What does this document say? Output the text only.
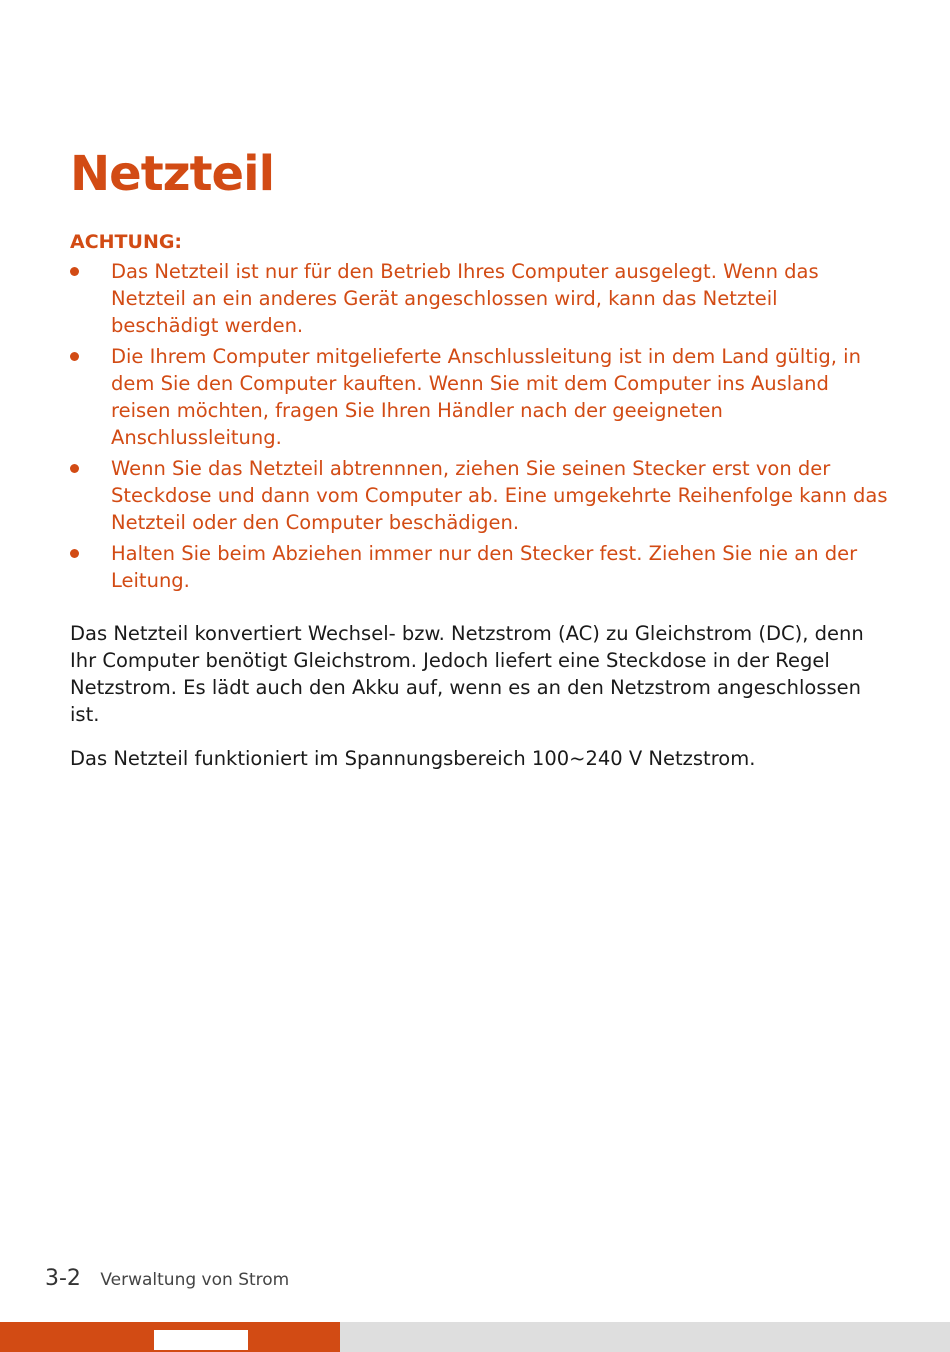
Netzteil
ACHTUNG:
Das Netzteil ist nur für den Betrieb Ihres Computer ausgelegt. Wenn das Netzteil an ein anderes Gerät angeschlossen wird, kann das Netzteil beschädigt werden.
Die Ihrem Computer mitgelieferte Anschlussleitung ist in dem Land gültig, in dem Sie den Computer kauften. Wenn Sie mit dem Computer ins Ausland reisen möchten, fragen Sie Ihren Händler nach der geeigneten Anschlussleitung.
Wenn Sie das Netzteil abtrennnen, ziehen Sie seinen Stecker erst von der Steckdose und dann vom Computer ab. Eine umgekehrte Reihenfolge kann das Netzteil oder den Computer beschädigen.
Halten Sie beim Abziehen immer nur den Stecker fest. Ziehen Sie nie an der Leitung.

Das Netzteil konvertiert Wechsel- bzw. Netzstrom (AC) zu Gleichstrom (DC), denn Ihr Computer benötigt Gleichstrom. Jedoch liefert eine Steckdose in der Regel Netzstrom. Es lädt auch den Akku auf, wenn es an den Netzstrom angeschlossen ist.

Das Netzteil funktioniert im Spannungsbereich 100~240 V Netzstrom.

3-2 Verwaltung von Strom
